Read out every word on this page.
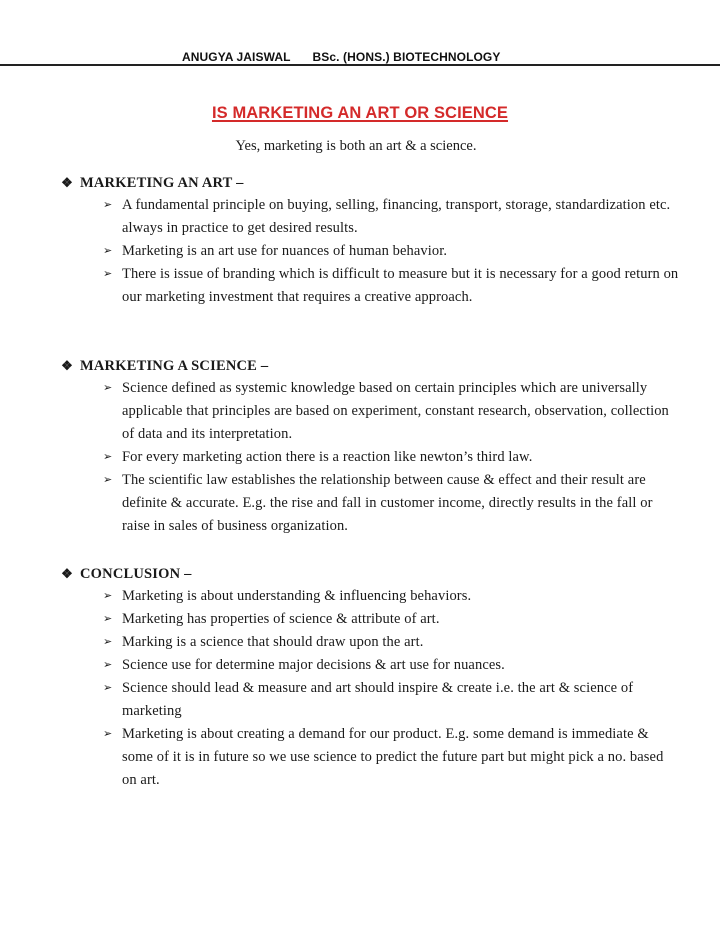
ANUGYA JAISWAL BSc. (HONS.) BIOTECHNOLOGY
IS MARKETING AN ART OR SCIENCE

Yes, marketing is both an art & a science.

❖ MARKETING AN ART –
➢ A fundamental principle on buying, selling, financing, transport, storage, standardization etc. always in practice to get desired results.
➢ Marketing is an art use for nuances of human behavior.
➢ There is issue of branding which is difficult to measure but it is necessary for a good return on our marketing investment that requires a creative approach.
❖ MARKETING A SCIENCE –
➢ Science defined as systemic knowledge based on certain principles which are universally applicable that principles are based on experiment, constant research, observation, collection of data and its interpretation.
➢ For every marketing action there is a reaction like newton’s third law.
➢ The scientific law establishes the relationship between cause & effect and their result are definite & accurate. E.g. the rise and fall in customer income, directly results in the fall or raise in sales of business organization.
❖ CONCLUSION –
➢ Marketing is about understanding & influencing behaviors.
➢ Marketing has properties of science & attribute of art.
➢ Marking is a science that should draw upon the art.
➢ Science use for determine major decisions & art use for nuances.
➢ Science should lead & measure and art should inspire & create i.e. the art & science of marketing
➢ Marketing is about creating a demand for our product. E.g. some demand is immediate & some of it is in future so we use science to predict the future part but might pick a no. based on art.
